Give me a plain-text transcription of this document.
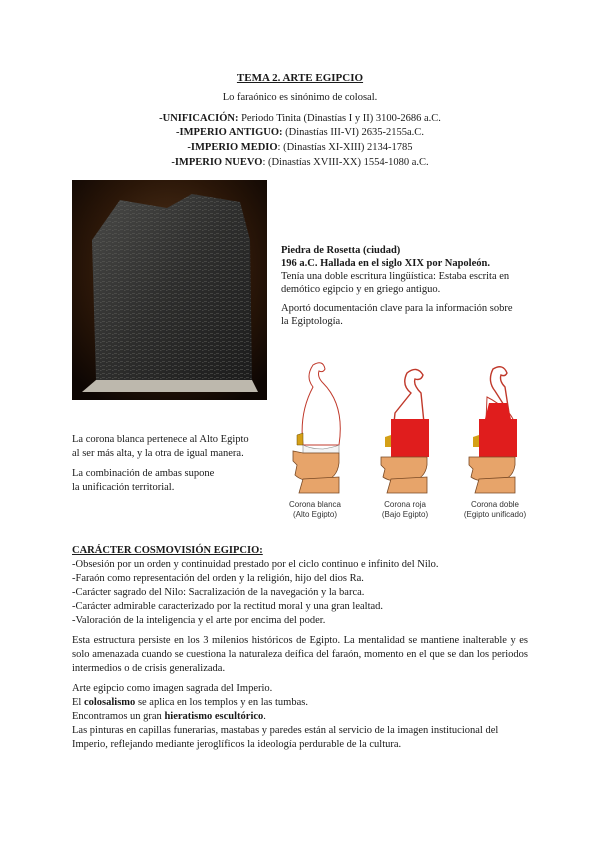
TEMA 2. ARTE EGIPCIO
Lo faraónico es sinónimo de colosal.
-UNIFICACIÓN: Periodo Tinita (Dinastías I y II) 3100-2686 a.C.
-IMPERIO ANTIGUO: (Dinastías III-VI) 2635-2155a.C.
-IMPERIO MEDIO: (Dinastías XI-XIII) 2134-1785
-IMPERIO NUEVO: (Dinastías XVIII-XX) 1554-1080 a.C.
Piedra de Rosetta (ciudad)
196 a.C. Hallada en el siglo XIX por Napoleón.
Tenía una doble escritura lingüística: Estaba escrita en
demótico egipcio y en griego antiguo.
Aportó documentación clave para la información sobre
la Egiptología.
Corona blanca
(Alto Egipto)
Corona roja
(Bajo Egipto)
Corona doble
(Egipto unificado)
La corona blanca pertenece al Alto Egipto
al ser más alta, y la otra de igual manera.
La combinación de ambas supone
la unificación territorial.
CARÁCTER COSMOVISIÓN EGIPCIO:
-Obsesión por un orden y continuidad prestado por el ciclo continuo e infinito del Nilo.
-Faraón como representación del orden y la religión, hijo del dios Ra.
-Carácter sagrado del Nilo: Sacralización de la navegación y la barca.
-Carácter admirable caracterizado por la rectitud moral y una gran lealtad.
-Valoración de la inteligencia y el arte por encima del poder.
Esta estructura persiste en los 3 milenios históricos de Egipto. La mentalidad se mantiene inalterable y es solo amenazada cuando se cuestiona la naturaleza deífica del faraón, momento en el que se dan los periodos intermedios o de crisis generalizada.
Arte egipcio como imagen sagrada del Imperio.
El colosalismo se aplica en los templos y en las tumbas.
Encontramos un gran hieratismo escultórico.
Las pinturas en capillas funerarias, mastabas y paredes están al servicio de la imagen institucional del Imperio, reflejando mediante jeroglíficos la ideología perdurable de la cultura.
